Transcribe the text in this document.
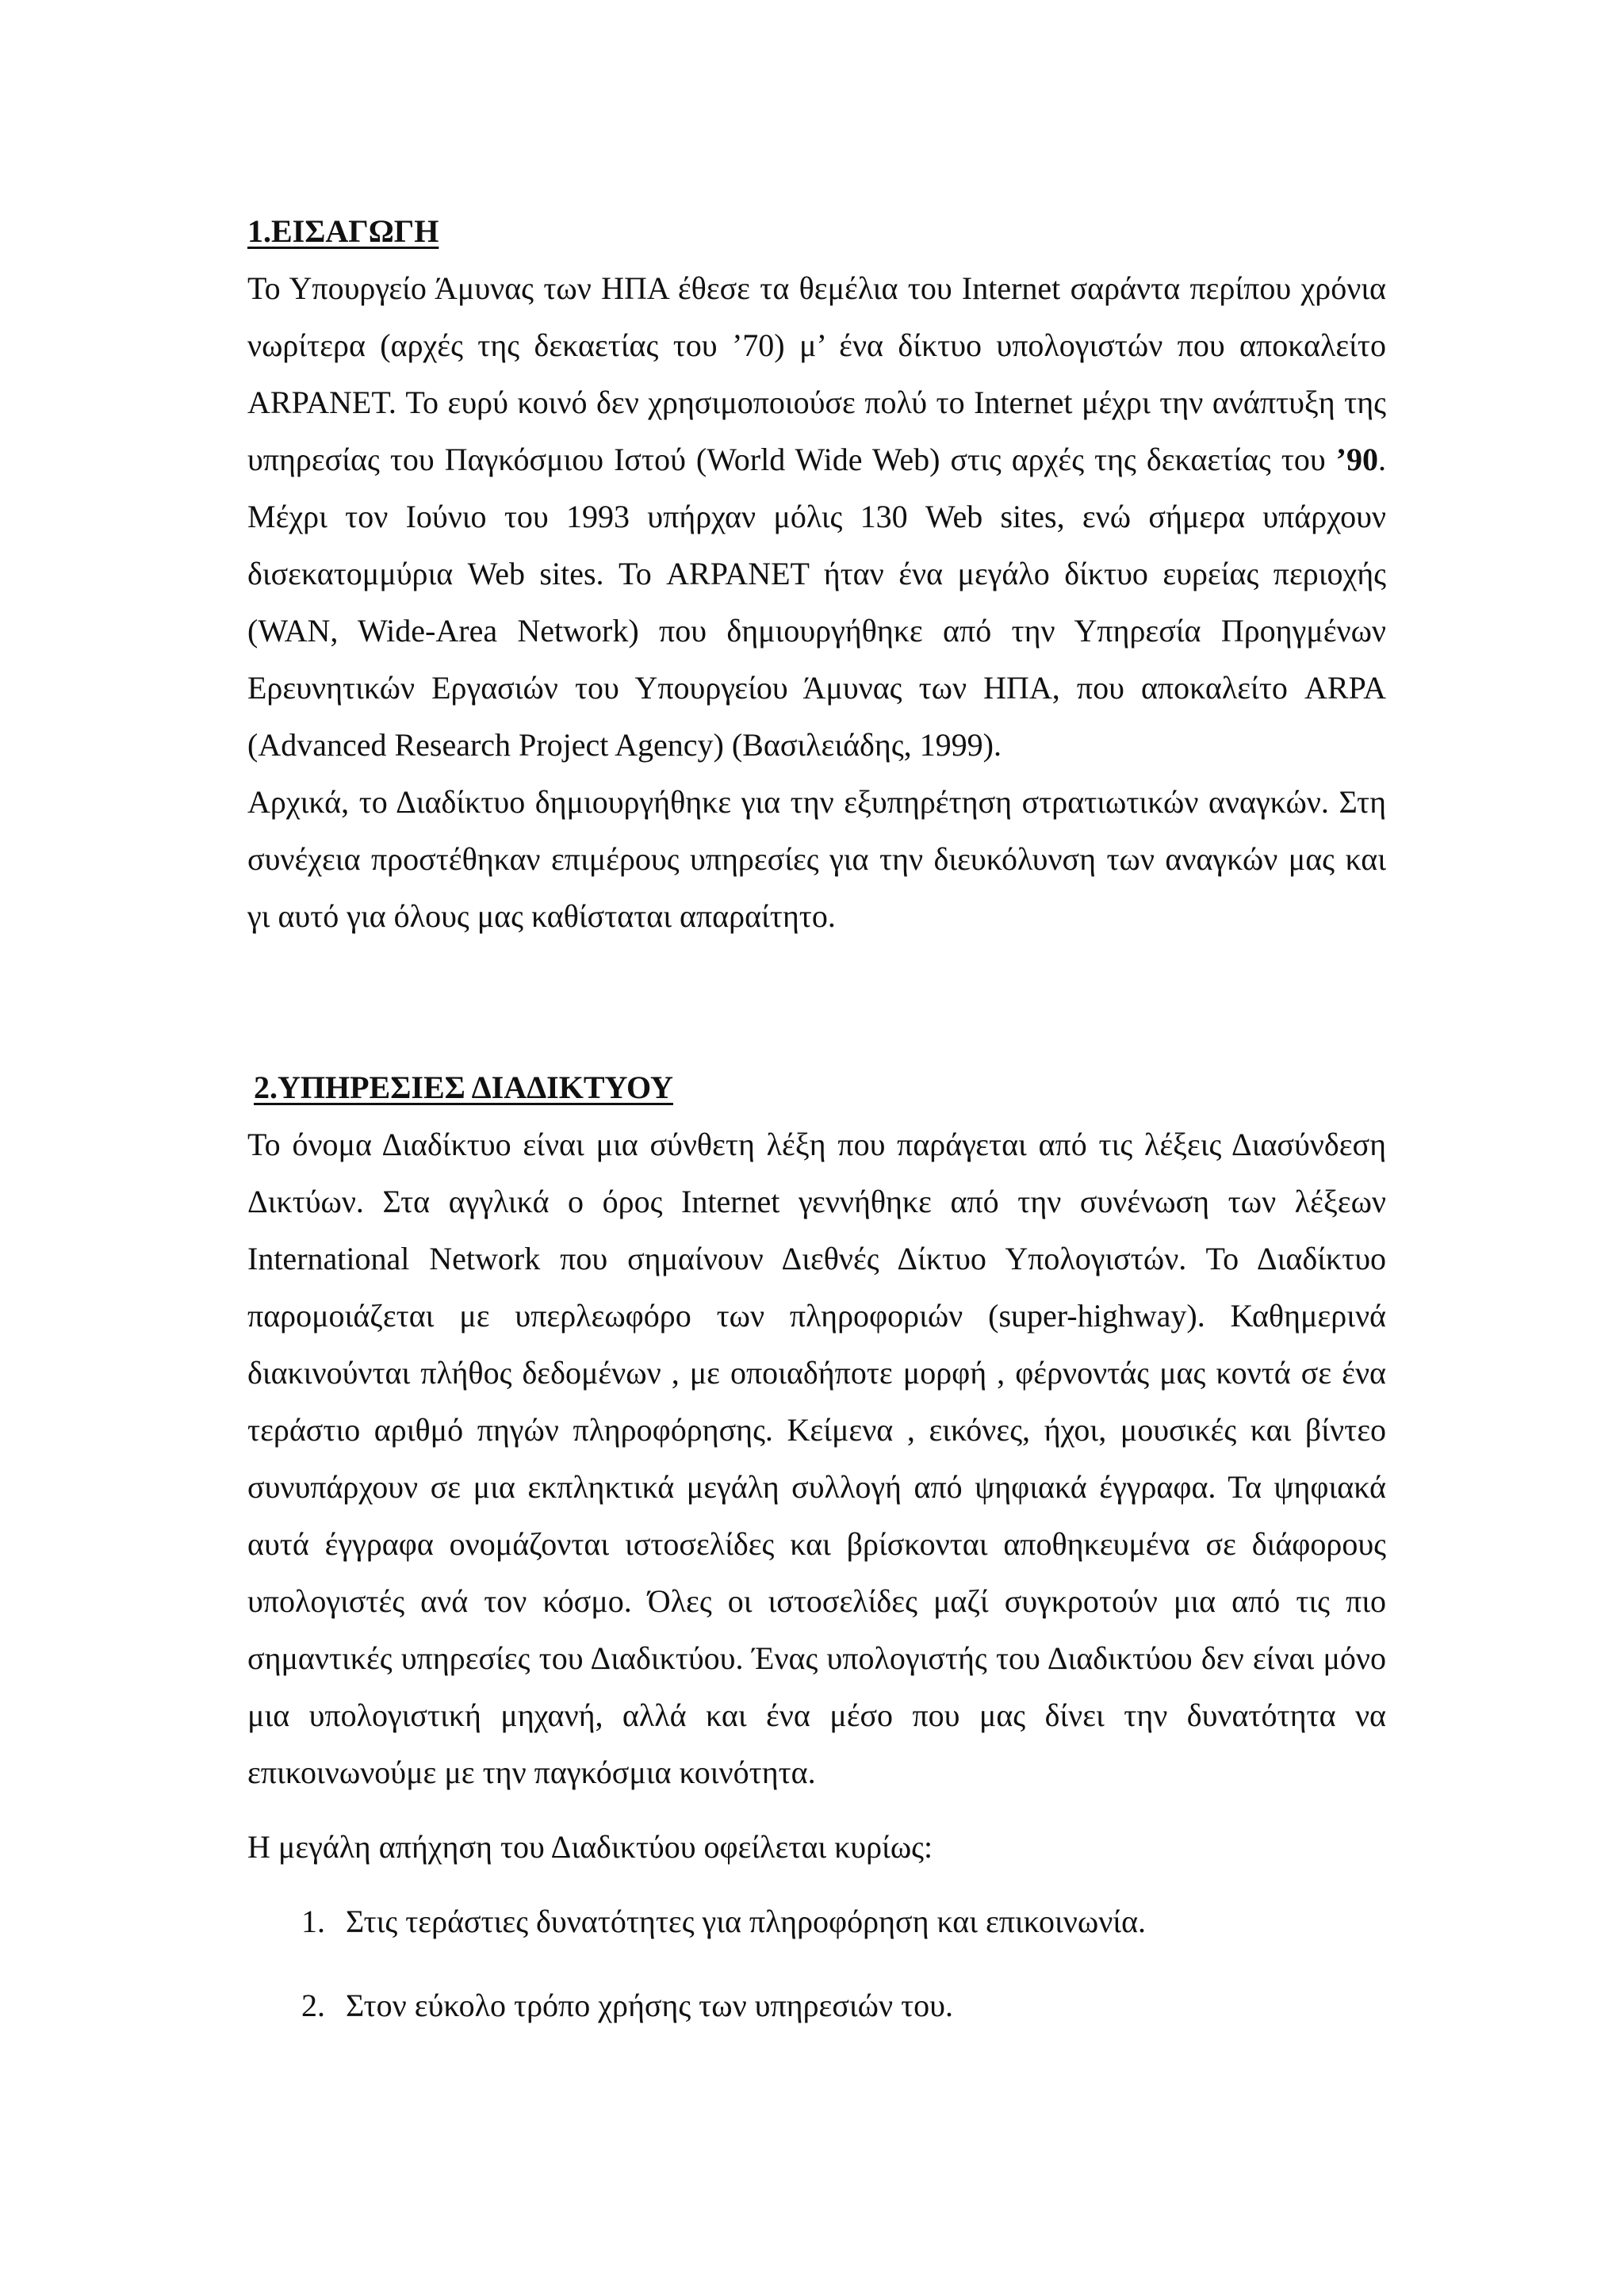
1.ΕΙΣΑΓΩΓΗ

Το Υπουργείο Άμυνας των ΗΠΑ έθεσε τα θεμέλια του Internet σαράντα περίπου χρόνια νωρίτερα (αρχές της δεκαετίας του ’70) μ’ ένα δίκτυο υπολογιστών που αποκαλείτο ARPANET. Το ευρύ κοινό δεν χρησιμοποιούσε πολύ το Internet μέχρι την ανάπτυξη της υπηρεσίας του Παγκόσμιου Ιστού (World Wide Web) στις αρχές της δεκαετίας του ’90. Μέχρι τον Ιούνιο του 1993 υπήρχαν μόλις 130 Web sites, ενώ σήμερα υπάρχουν δισεκατομμύρια Web sites. Το ARPANET ήταν ένα μεγάλο δίκτυο ευρείας περιοχής (WAN, Wide-Area Network) που δημιουργήθηκε από την Υπηρεσία Προηγμένων Ερευνητικών Εργασιών του Υπουργείου Άμυνας των ΗΠΑ, που αποκαλείτο ARPA (Advanced Research Project Agency) (Βασιλειάδης, 1999).

Αρχικά, το Διαδίκτυο δημιουργήθηκε για την εξυπηρέτηση στρατιωτικών αναγκών. Στη συνέχεια προστέθηκαν επιμέρους υπηρεσίες για την διευκόλυνση των αναγκών μας και γι αυτό για όλους μας καθίσταται απαραίτητο.

2.ΥΠΗΡΕΣΙΕΣ ΔΙΑΔΙΚΤΥΟΥ

Το όνομα Διαδίκτυο είναι μια σύνθετη λέξη που παράγεται από τις λέξεις Διασύνδεση Δικτύων. Στα αγγλικά ο όρος Internet γεννήθηκε από την συνένωση των λέξεων International Network που σημαίνουν Διεθνές Δίκτυο Υπολογιστών. Το Διαδίκτυο παρομοιάζεται με υπερλεωφόρο των πληροφοριών (super-highway). Καθημερινά διακινούνται πλήθος δεδομένων , με οποιαδήποτε μορφή , φέρνοντάς μας κοντά σε ένα τεράστιο αριθμό πηγών πληροφόρησης. Κείμενα , εικόνες, ήχοι, μουσικές και βίντεο συνυπάρχουν σε μια εκπληκτικά μεγάλη συλλογή από ψηφιακά έγγραφα. Τα ψηφιακά αυτά έγγραφα ονομάζονται ιστοσελίδες και βρίσκονται αποθηκευμένα σε διάφορους υπολογιστές ανά τον κόσμο. Όλες οι ιστοσελίδες μαζί συγκροτούν μια από τις πιο σημαντικές υπηρεσίες του Διαδικτύου. Ένας υπολογιστής του Διαδικτύου δεν είναι μόνο μια υπολογιστική μηχανή, αλλά και ένα μέσο που μας δίνει την δυνατότητα να επικοινωνούμε με την παγκόσμια κοινότητα.

Η μεγάλη απήχηση του Διαδικτύου οφείλεται κυρίως:

1. Στις τεράστιες δυνατότητες για πληροφόρηση και επικοινωνία.
2. Στον εύκολο τρόπο χρήσης των υπηρεσιών του.
